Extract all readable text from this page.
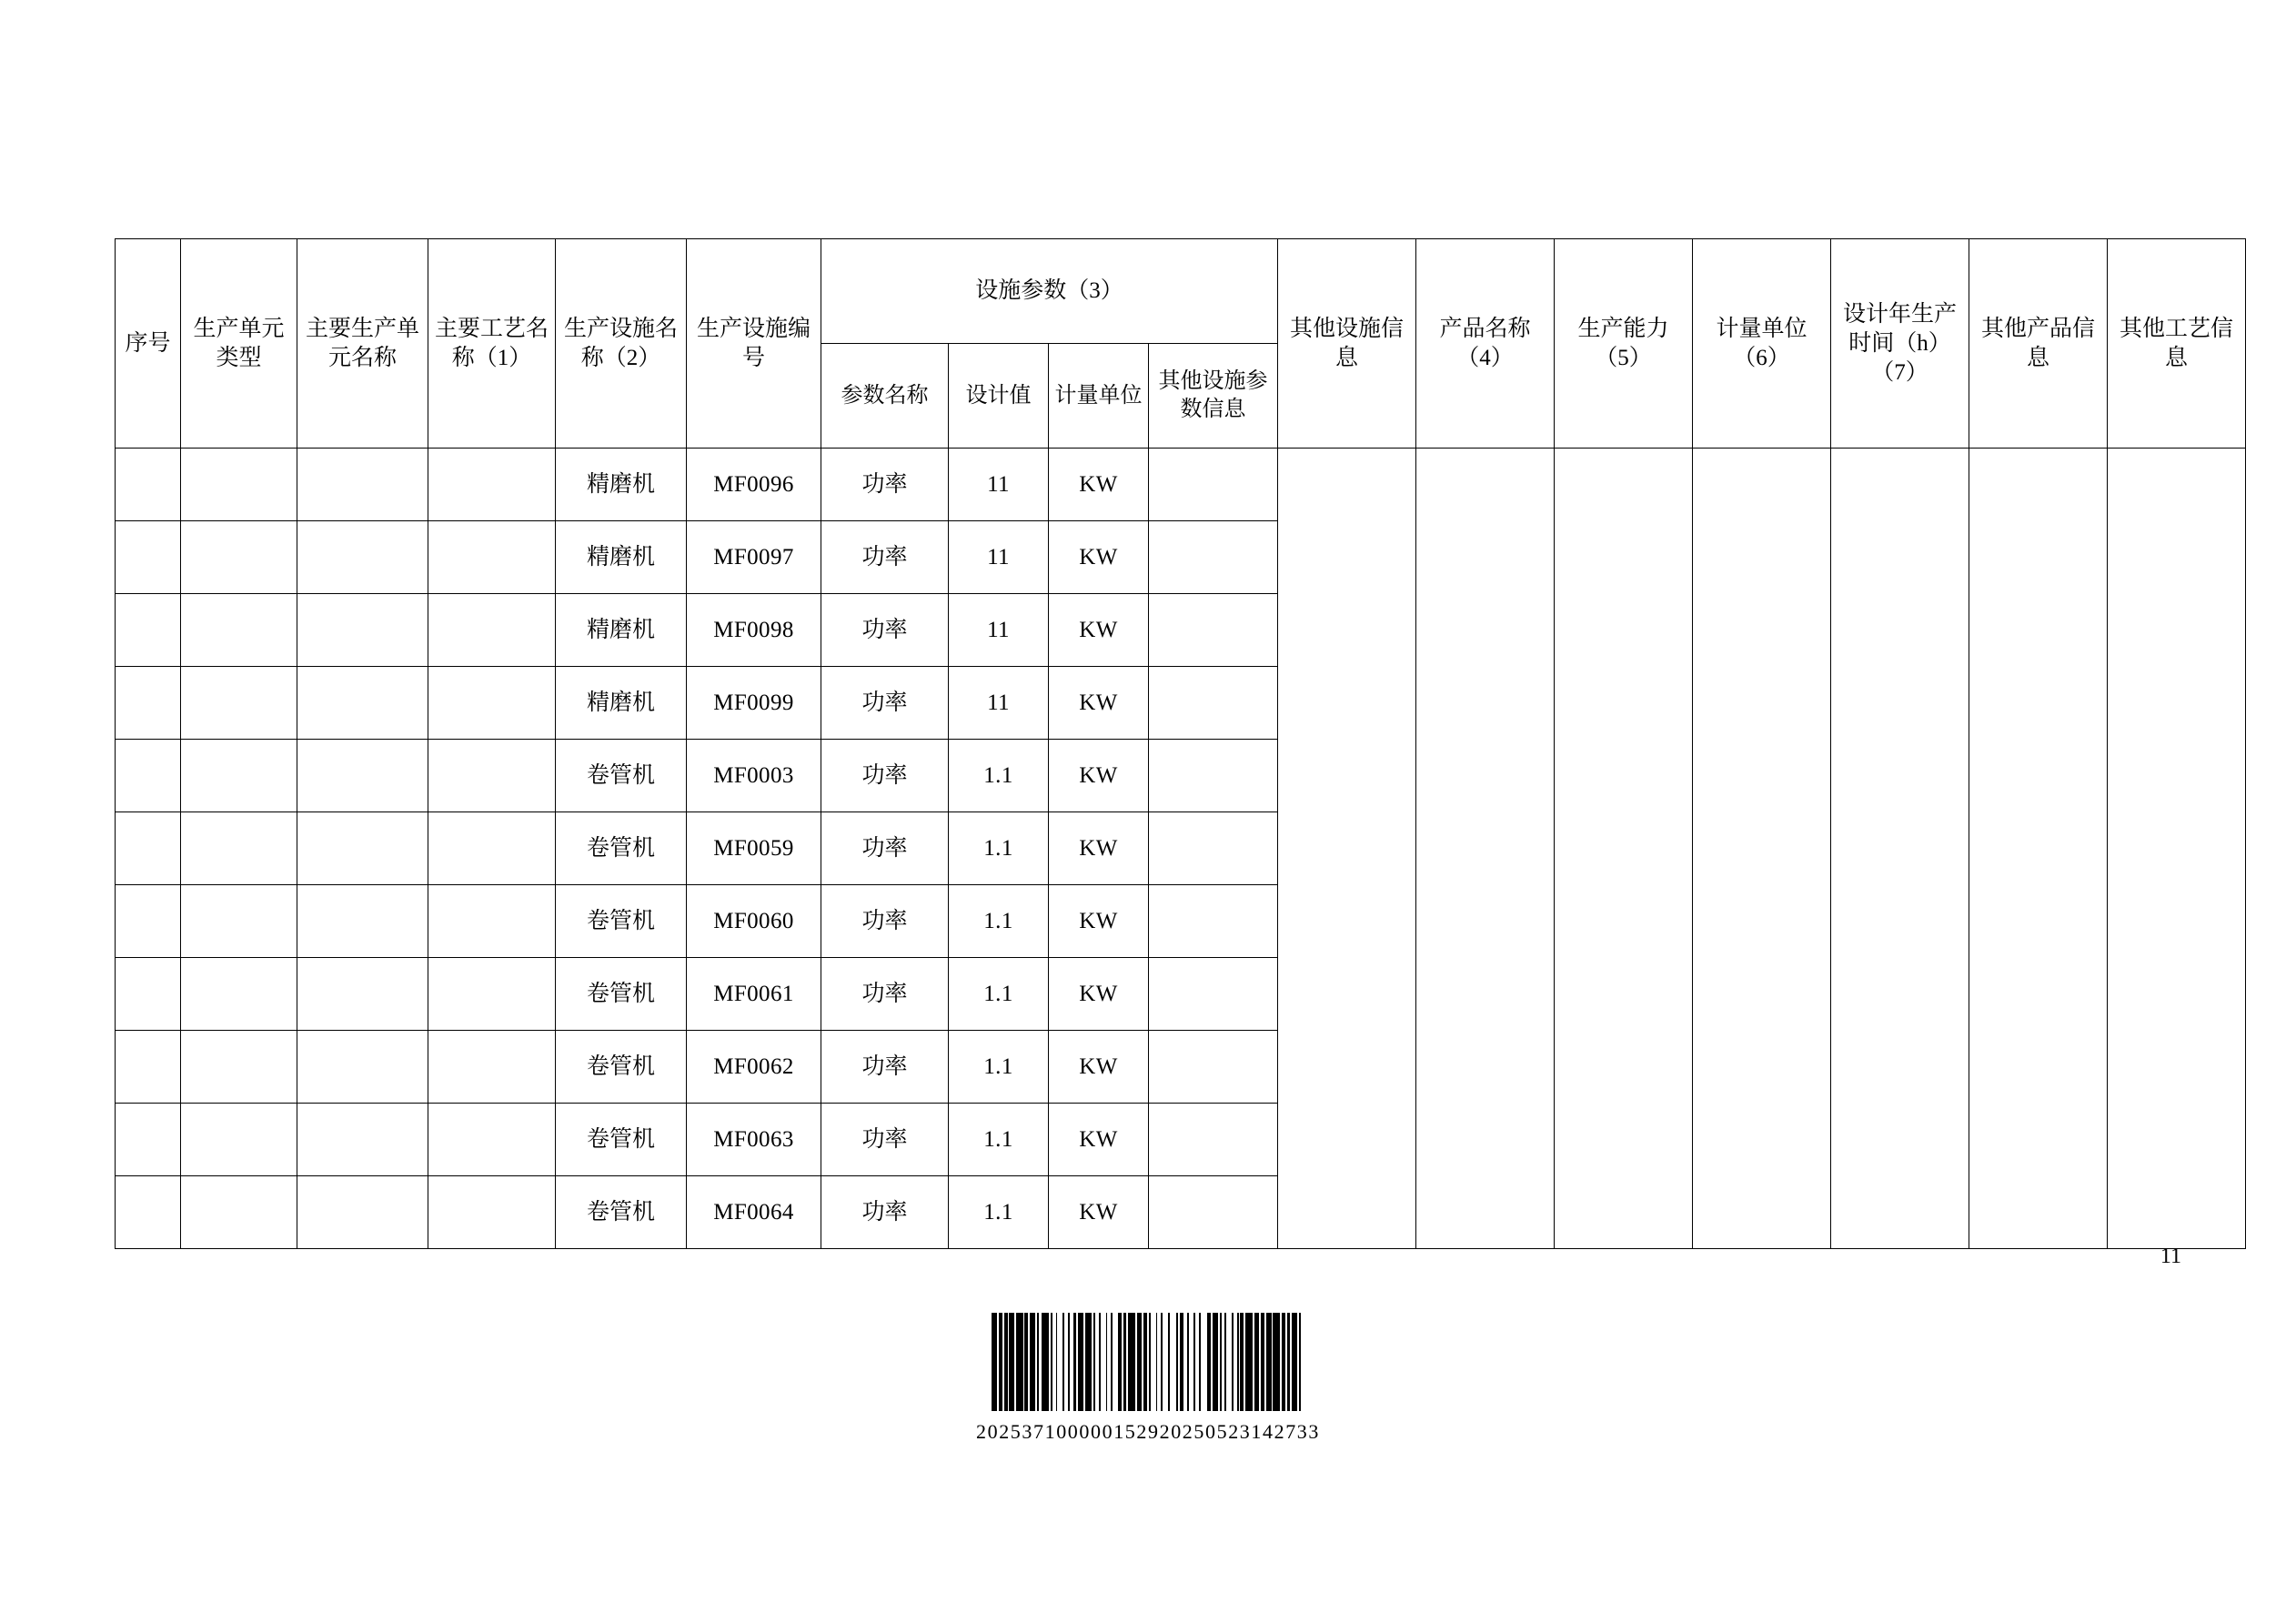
序号	生产单元类型	主要生产单元名称	主要工艺名称（1）	生产设施名称（2）	生产设施编号	设施参数（3）				其他设施信息	产品名称（4）	生产能力（5）	计量单位（6）	设计年生产时间（h）（7）	其他产品信息	其他工艺信息
						参数名称	设计值	计量单位	其他设施参数信息							
				精磨机	MF0096	功率	11	KW								
				精磨机	MF0097	功率	11	KW								
				精磨机	MF0098	功率	11	KW								
				精磨机	MF0099	功率	11	KW								
				卷管机	MF0003	功率	1.1	KW								
				卷管机	MF0059	功率	1.1	KW								
				卷管机	MF0060	功率	1.1	KW								
				卷管机	MF0061	功率	1.1	KW								
				卷管机	MF0062	功率	1.1	KW								
				卷管机	MF0063	功率	1.1	KW								
				卷管机	MF0064	功率	1.1	KW								
11
202537100000152920250523142733
